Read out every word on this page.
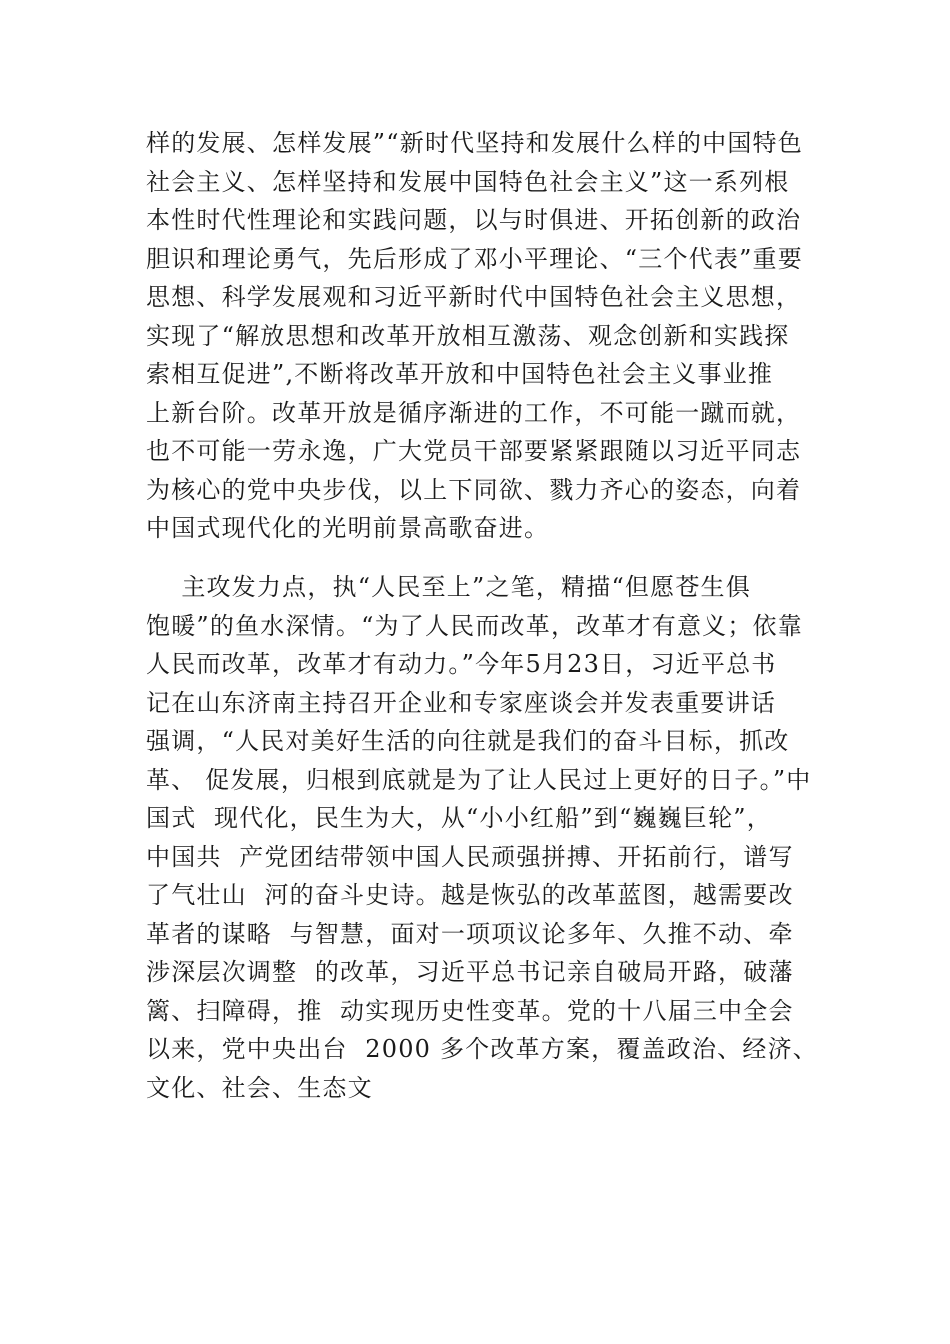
样的发展、怎样发展”“新时代坚持和发展什么样的中国特色
社会主义、怎样坚持和发展中国特色社会主义”这一系列根
本性时代性理论和实践问题，以与时俱进、开拓创新的政治
胆识和理论勇气，先后形成了邓小平理论、“三个代表”重要
思想、科学发展观和习近平新时代中国特色社会主义思想，
实现了“解放思想和改革开放相互激荡、观念创新和实践探
索相互促进”,不断将改革开放和中国特色社会主义事业推
上新台阶。改革开放是循序渐进的工作，不可能一蹴而就，
也不可能一劳永逸，广大党员干部要紧紧跟随以习近平同志
为核心的党中央步伐，以上下同欲、戮力齐心的姿态，向着
中国式现代化的光明前景高歌奋进。
主攻发力点，执“人民至上”之笔，精描“但愿苍生俱
饱暖”的鱼水深情。“为了人民而改革，改革才有意义；依靠
人民而改革，改革才有动力。”今年5月23日，习近平总书
记在山东济南主持召开企业和专家座谈会并发表重要讲话
强调，“人民对美好生活的向往就是我们的奋斗目标，抓改
革、 促发展，归根到底就是为了让人民过上更好的日子。”中
国式  现代化，民生为大，从“小小红船”到“巍巍巨轮”，
中国共  产党团结带领中国人民顽强拼搏、开拓前行，谱写
了气壮山  河的奋斗史诗。越是恢弘的改革蓝图，越需要改
革者的谋略  与智慧，面对一项项议论多年、久推不动、牵
涉深层次调整  的改革，习近平总书记亲自破局开路，破藩
篱、扫障碍，推  动实现历史性变革。党的十八届三中全会
以来，党中央出台  2000 多个改革方案，覆盖政治、经济、
文化、社会、生态文
